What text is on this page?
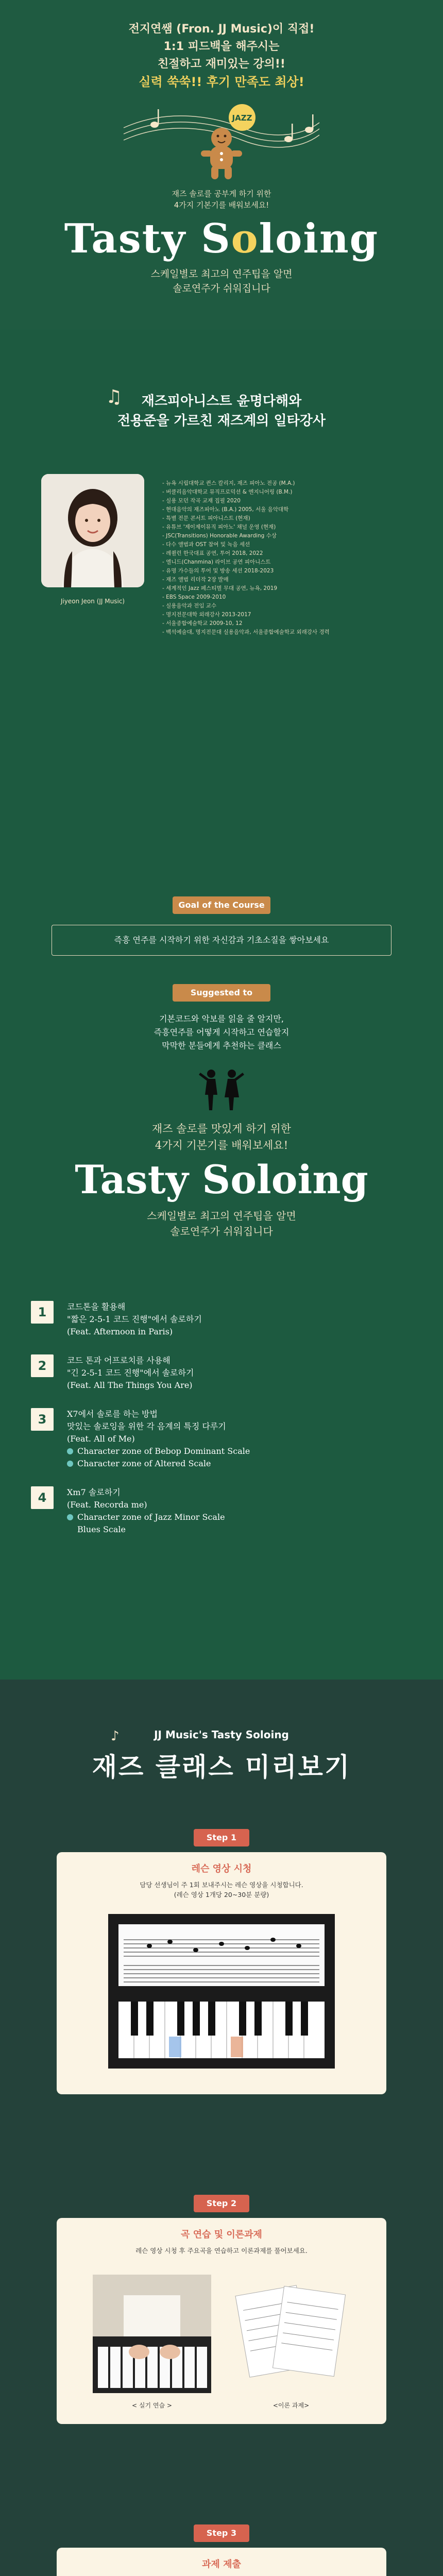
전지연쌤 (Fron. JJ Music)이 직접!
1:1 피드백을 해주시는
친절하고 재미있는 강의!!
실력 쑥쑥!! 후기 만족도 최상!
JAZZ
재즈 솔로를 공부게 하기 위한
4가지 기본기를 배워보세요!
Tasty Soloing
스케일별로 최고의 연주팁을 알면
솔로연주가 쉬워집니다
♫	재즈피아니스트 윤명다해와
전용준을 가르친 재즈계의 일타강사
Jiyeon Jeon (JJ Music)
- 뉴욕 시립대학교 퀸스 칼리지, 재즈 피아노 전공 (M.A.)
- 버클리음악대학교 뮤직프로덕션 & 엔지니어링 (B.M.)
- 실용 모던 작곡 교재 집필 2020
- 현대음악의 재즈피아노 (B.A.) 2005, 서울 음악대학
- 특별 전문 콘서트 피아니스트 (현재)
- 유튜브 '제이제이뮤직 피아노' 채널 운영 (현재)
- JSC(Transitions) Honorable Awarding 수상
- 다수 앨범과 OST 참여 및 녹음 세션
- 레퀼런 한국대표 공연, 투어 2018, 2022
- 엘니드(Chanmina) 라이브 공연 피아니스트
- 유명 가수들의 투어 및 방송 세션 2018-2023
- 재즈 앨범 리더작 2장 발매
- 세계적인 Jazz 페스티벌 무대 공연, 뉴욕, 2019
- EBS Space 2009-2010
- 실용음악과 전임 교수
- 명지전문대학 외래강사 2013-2017
- 서울종합예술학교 2009-10, 12
- 백석예술대, 명지전문대 실용음악과, 서울종합예술학교 외래강사 경력
Goal of the Course
즉흥 연주를 시작하기 위한 자신감과 기초소질을 쌓아보세요
Suggested to
기본코드와 악보를 읽을 줄 알지만,
즉흥연주를 어떻게 시작하고 연습할지
막막한 분들에게 추천하는 클래스
재즈 솔로를 맛있게 하기 위한
4가지 기본기를 배워보세요!
Tasty Soloing
스케일별로 최고의 연주팁을 알면
솔로연주가 쉬워집니다
1	코드톤을 활용해
"짧은 2-5-1 코드 진행"에서 솔로하기
(Feat. Afternoon in Paris)
2	코드 톤과 어프로치를 사용해
"긴 2-5-1 코드 진행"에서 솔로하기
(Feat. All The Things You Are)
3	X7에서 솔로를 하는 방법
맛있는 솔로잉을 위한 각 음계의 특징 다루기
(Feat. All of Me)
Character zone of Bebop Dominant Scale
Character zone of Altered Scale
4	Xm7 솔로하기
(Feat. Recorda me)
Character zone of Jazz Minor Scale
Blues Scale
♪	JJ Music's Tasty Soloing
재즈 클래스 미리보기
Step 1
레슨 영상 시청
담당 선생님이 주 1회 보내주시는 레슨 영상을 시청합니다.
(레슨 영상 1개당 20~30분 분량)
Step 2
곡 연습 및 이론과제
레슨 영상 시청 후 주요곡을 연습하고 이론과제를 풀어보세요.
< 실기 연습 >	<이론 과제>
Step 3
과제 제출
